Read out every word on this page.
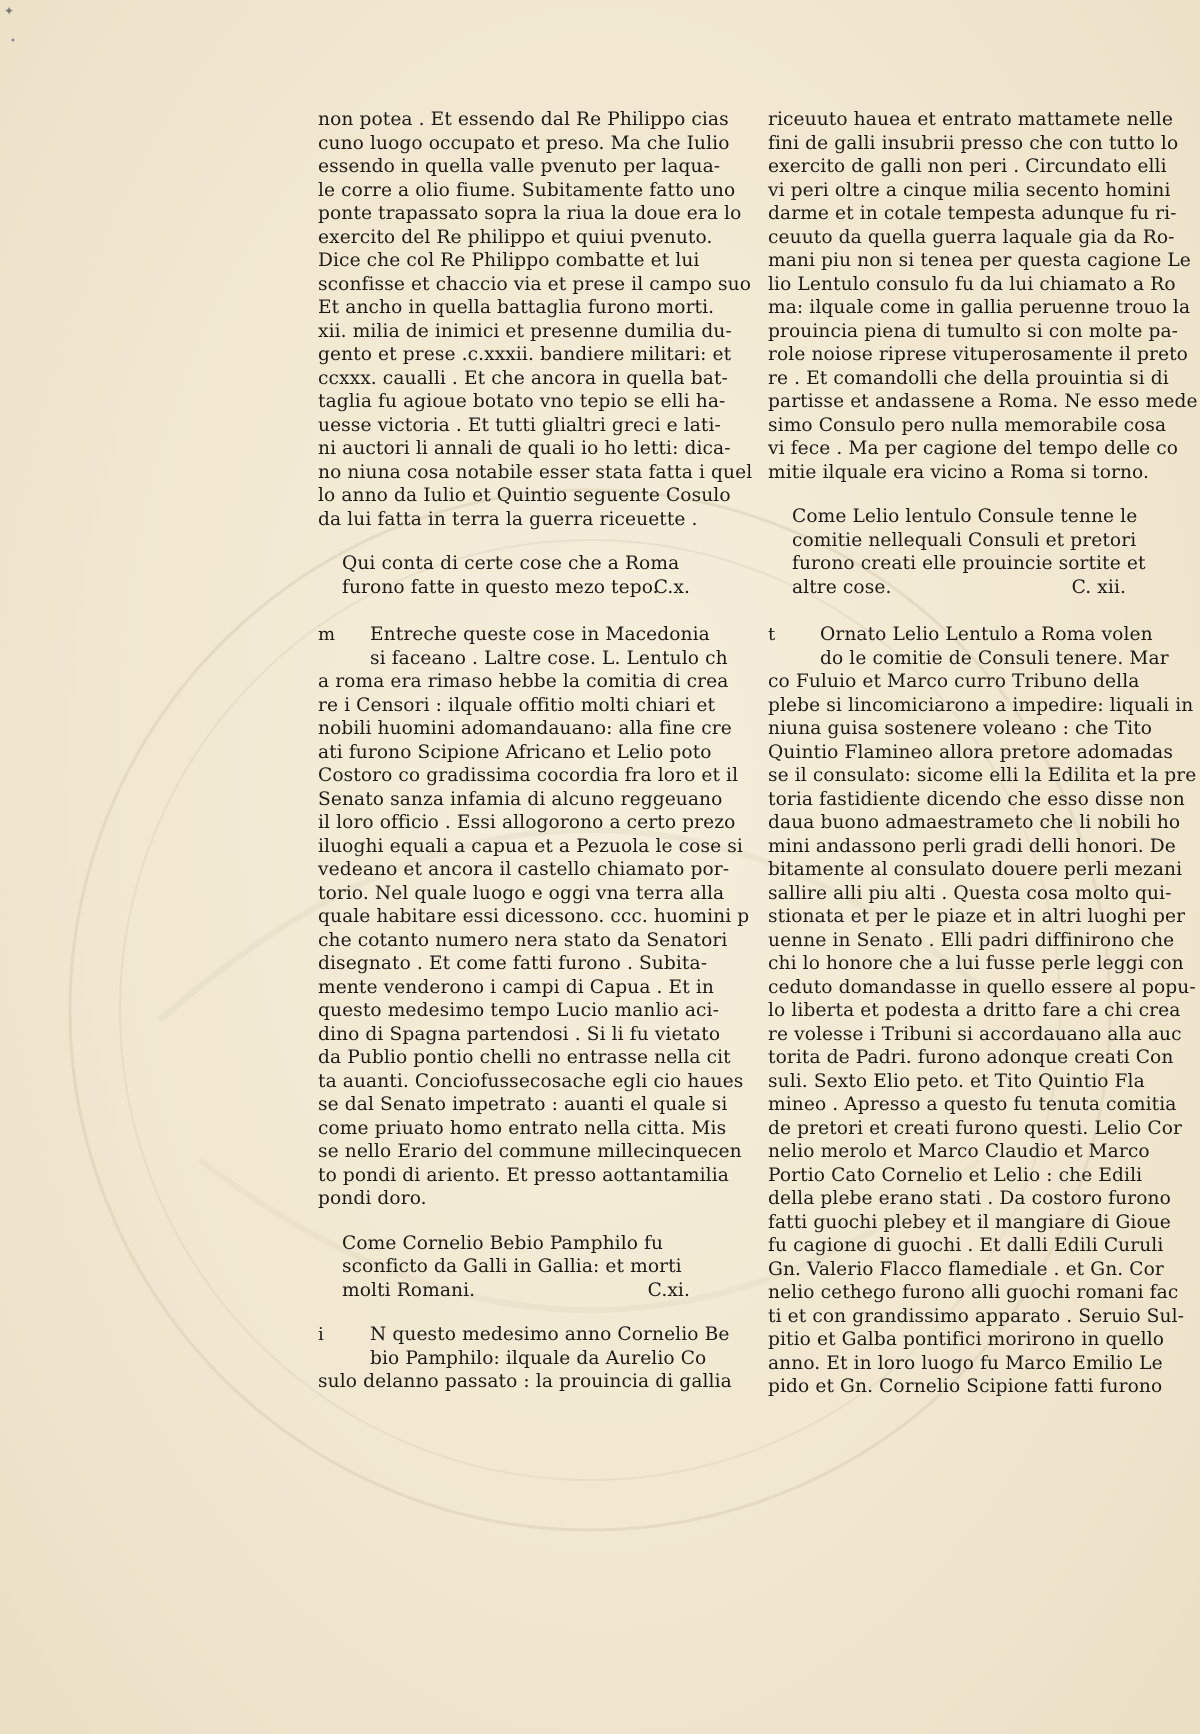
✦
•
non potea . Et essendo dal Re Philippo cias
cuno luogo occupato et preso. Ma che Iulio
essendo in quella valle pvenuto per laqua-
le corre a olio fiume. Subitamente fatto uno
ponte trapassato sopra la riua la doue era lo
exercito del Re philippo et quiui pvenuto.
Dice che col Re Philippo combatte et lui
sconfisse et chaccio via et prese il campo suo
Et ancho in quella battaglia furono morti.
xii. milia de inimici et presenne dumilia du-
gento et prese .c.xxxii. bandiere militari: et
ccxxx. caualli . Et che ancora in quella bat-
taglia fu agioue botato vno tepio se elli ha-
uesse victoria . Et tutti glialtri greci e lati-
ni auctori li annali de quali io ho letti: dica-
no niuna cosa notabile esser stata fatta i quel
lo anno da Iulio et Quintio seguente Cosulo
da lui fatta in terra la guerra riceuette .
Qui conta di certe cose che a Roma
furono fatte in questo mezo tepo.
C.x.
m Entreche queste cose in Macedonia
si faceano . Laltre cose. L. Lentulo ch
a roma era rimaso hebbe la comitia di crea
re i Censori : ilquale offitio molti chiari et
nobili huomini adomandauano: alla fine cre
ati furono Scipione Africano et Lelio poto
Costoro co gradissima cocordia fra loro et il
Senato sanza infamia di alcuno reggeuano
il loro officio . Essi allogorono a certo prezo
iluoghi equali a capua et a Pezuola le cose si
vedeano et ancora il castello chiamato por-
torio. Nel quale luogo e oggi vna terra alla
quale habitare essi dicessono. ccc. huomini p
che cotanto numero nera stato da Senatori
disegnato . Et come fatti furono . Subita-
mente venderono i campi di Capua . Et in
questo medesimo tempo Lucio manlio aci-
dino di Spagna partendosi . Si li fu vietato
da Publio pontio chelli no entrasse nella cit
ta auanti. Conciofussecosache egli cio haues
se dal Senato impetrato : auanti el quale si
come priuato homo entrato nella citta. Mis
se nello Erario del commune millecinquecen
to pondi di ariento. Et presso aottantamilia
pondi doro.
Come Cornelio Bebio Pamphilo fu
sconficto da Galli in Gallia: et morti
molti Romani.	C.xi.
i N questo medesimo anno Cornelio Be
bio Pamphilo: ilquale da Aurelio Co
sulo delanno passato : la prouincia di gallia
riceuuto hauea et entrato mattamete nelle
fini de galli insubrii presso che con tutto lo
exercito de galli non peri . Circundato elli
vi peri oltre a cinque milia secento homini
darme et in cotale tempesta adunque fu ri-
ceuuto da quella guerra laquale gia da Ro-
mani piu non si tenea per questa cagione Le
lio Lentulo consulo fu da lui chiamato a Ro
ma: ilquale come in gallia peruenne trouo la
prouincia piena di tumulto si con molte pa-
role noiose riprese vituperosamente il preto
re . Et comandolli che della prouintia si di
partisse et andassene a Roma. Ne esso mede
simo Consulo pero nulla memorabile cosa
vi fece . Ma per cagione del tempo delle co
mitie ilquale era vicino a Roma si torno.
Come Lelio lentulo Consule tenne le
comitie nellequali Consuli et pretori
furono creati elle prouincie sortite et
altre cose.	C. xii.
t Ornato Lelio Lentulo a Roma volen
do le comitie de Consuli tenere. Mar
co Fuluio et Marco curro Tribuno della
plebe si lincomiciarono a impedire: liquali in
niuna guisa sostenere voleano : che Tito
Quintio Flamineo allora pretore adomadas
se il consulato: sicome elli la Edilita et la pre
toria fastidiente dicendo che esso disse non
daua buono admaestrameto che li nobili ho
mini andassono perli gradi delli honori. De
bitamente al consulato douere perli mezani
sallire alli piu alti . Questa cosa molto qui-
stionata et per le piaze et in altri luoghi per
uenne in Senato . Elli padri diffinirono che
chi lo honore che a lui fusse perle leggi con
ceduto domandasse in quello essere al popu-
lo liberta et podesta a dritto fare a chi crea
re volesse i Tribuni si accordauano alla auc
torita de Padri. furono adonque creati Con
suli. Sexto Elio peto. et Tito Quintio Fla
mineo . Apresso a questo fu tenuta comitia
de pretori et creati furono questi. Lelio Cor
nelio merolo et Marco Claudio et Marco
Portio Cato Cornelio et Lelio : che Edili
della plebe erano stati . Da costoro furono
fatti guochi plebey et il mangiare di Gioue
fu cagione di guochi . Et dalli Edili Curuli
Gn. Valerio Flacco flamediale . et Gn. Cor
nelio cethego furono alli guochi romani fac
ti et con grandissimo apparato . Seruio Sul-
pitio et Galba pontifici morirono in quello
anno. Et in loro luogo fu Marco Emilio Le
pido et Gn. Cornelio Scipione fatti furono
